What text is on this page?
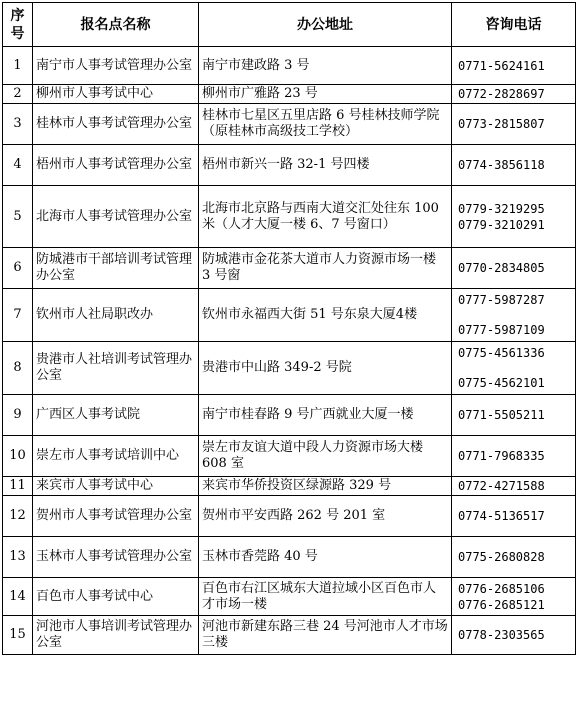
序号	报名点名称	办公地址	咨询电话
1	南宁市人事考试管理办公室	南宁市建政路 3 号	0771-5624161

2	柳州市人事考试中心	柳州市广雅路 23 号	0772-2828697

3	桂林市人事考试管理办公室	桂林市七星区五里店路 6 号桂林技师学院（原桂林市高级技工学校）	0773-2815807

4	梧州市人事考试管理办公室	梧州市新兴一路 32-1 号四楼	0774-3856118

5	北海市人事考试管理办公室	北海市北京路与西南大道交汇处往东 100 米（人才大厦一楼 6、7 号窗口）	0779-3219295
0779-3210291

6	防城港市干部培训考试管理办公室	防城港市金花茶大道市人力资源市场一楼 3 号窗	0770-2834805

7	钦州市人社局职改办	钦州市永福西大街 51 号东泉大厦4楼	0777-5987287
0777-5987109

8	贵港市人社培训考试管理办公室	贵港市中山路 349-2 号院	0775-4561336
0775-4562101

9	广西区人事考试院	南宁市桂春路 9 号广西就业大厦一楼	0771-5505211

10	崇左市人事考试培训中心	崇左市友谊大道中段人力资源市场大楼 608 室	0771-7968335

11	来宾市人事考试中心	来宾市华侨投资区绿源路 329 号	0772-4271588

12	贺州市人事考试管理办公室	贺州市平安西路 262 号 201 室	0774-5136517

13	玉林市人事考试管理办公室	玉林市香莞路 40 号	0775-2680828

14	百色市人事考试中心	百色市右江区城东大道拉域小区百色市人才市场一楼	0776-2685106
0776-2685121

15	河池市人事培训考试管理办公室	河池市新建东路三巷 24 号河池市人才市场三楼	0778-2303565
